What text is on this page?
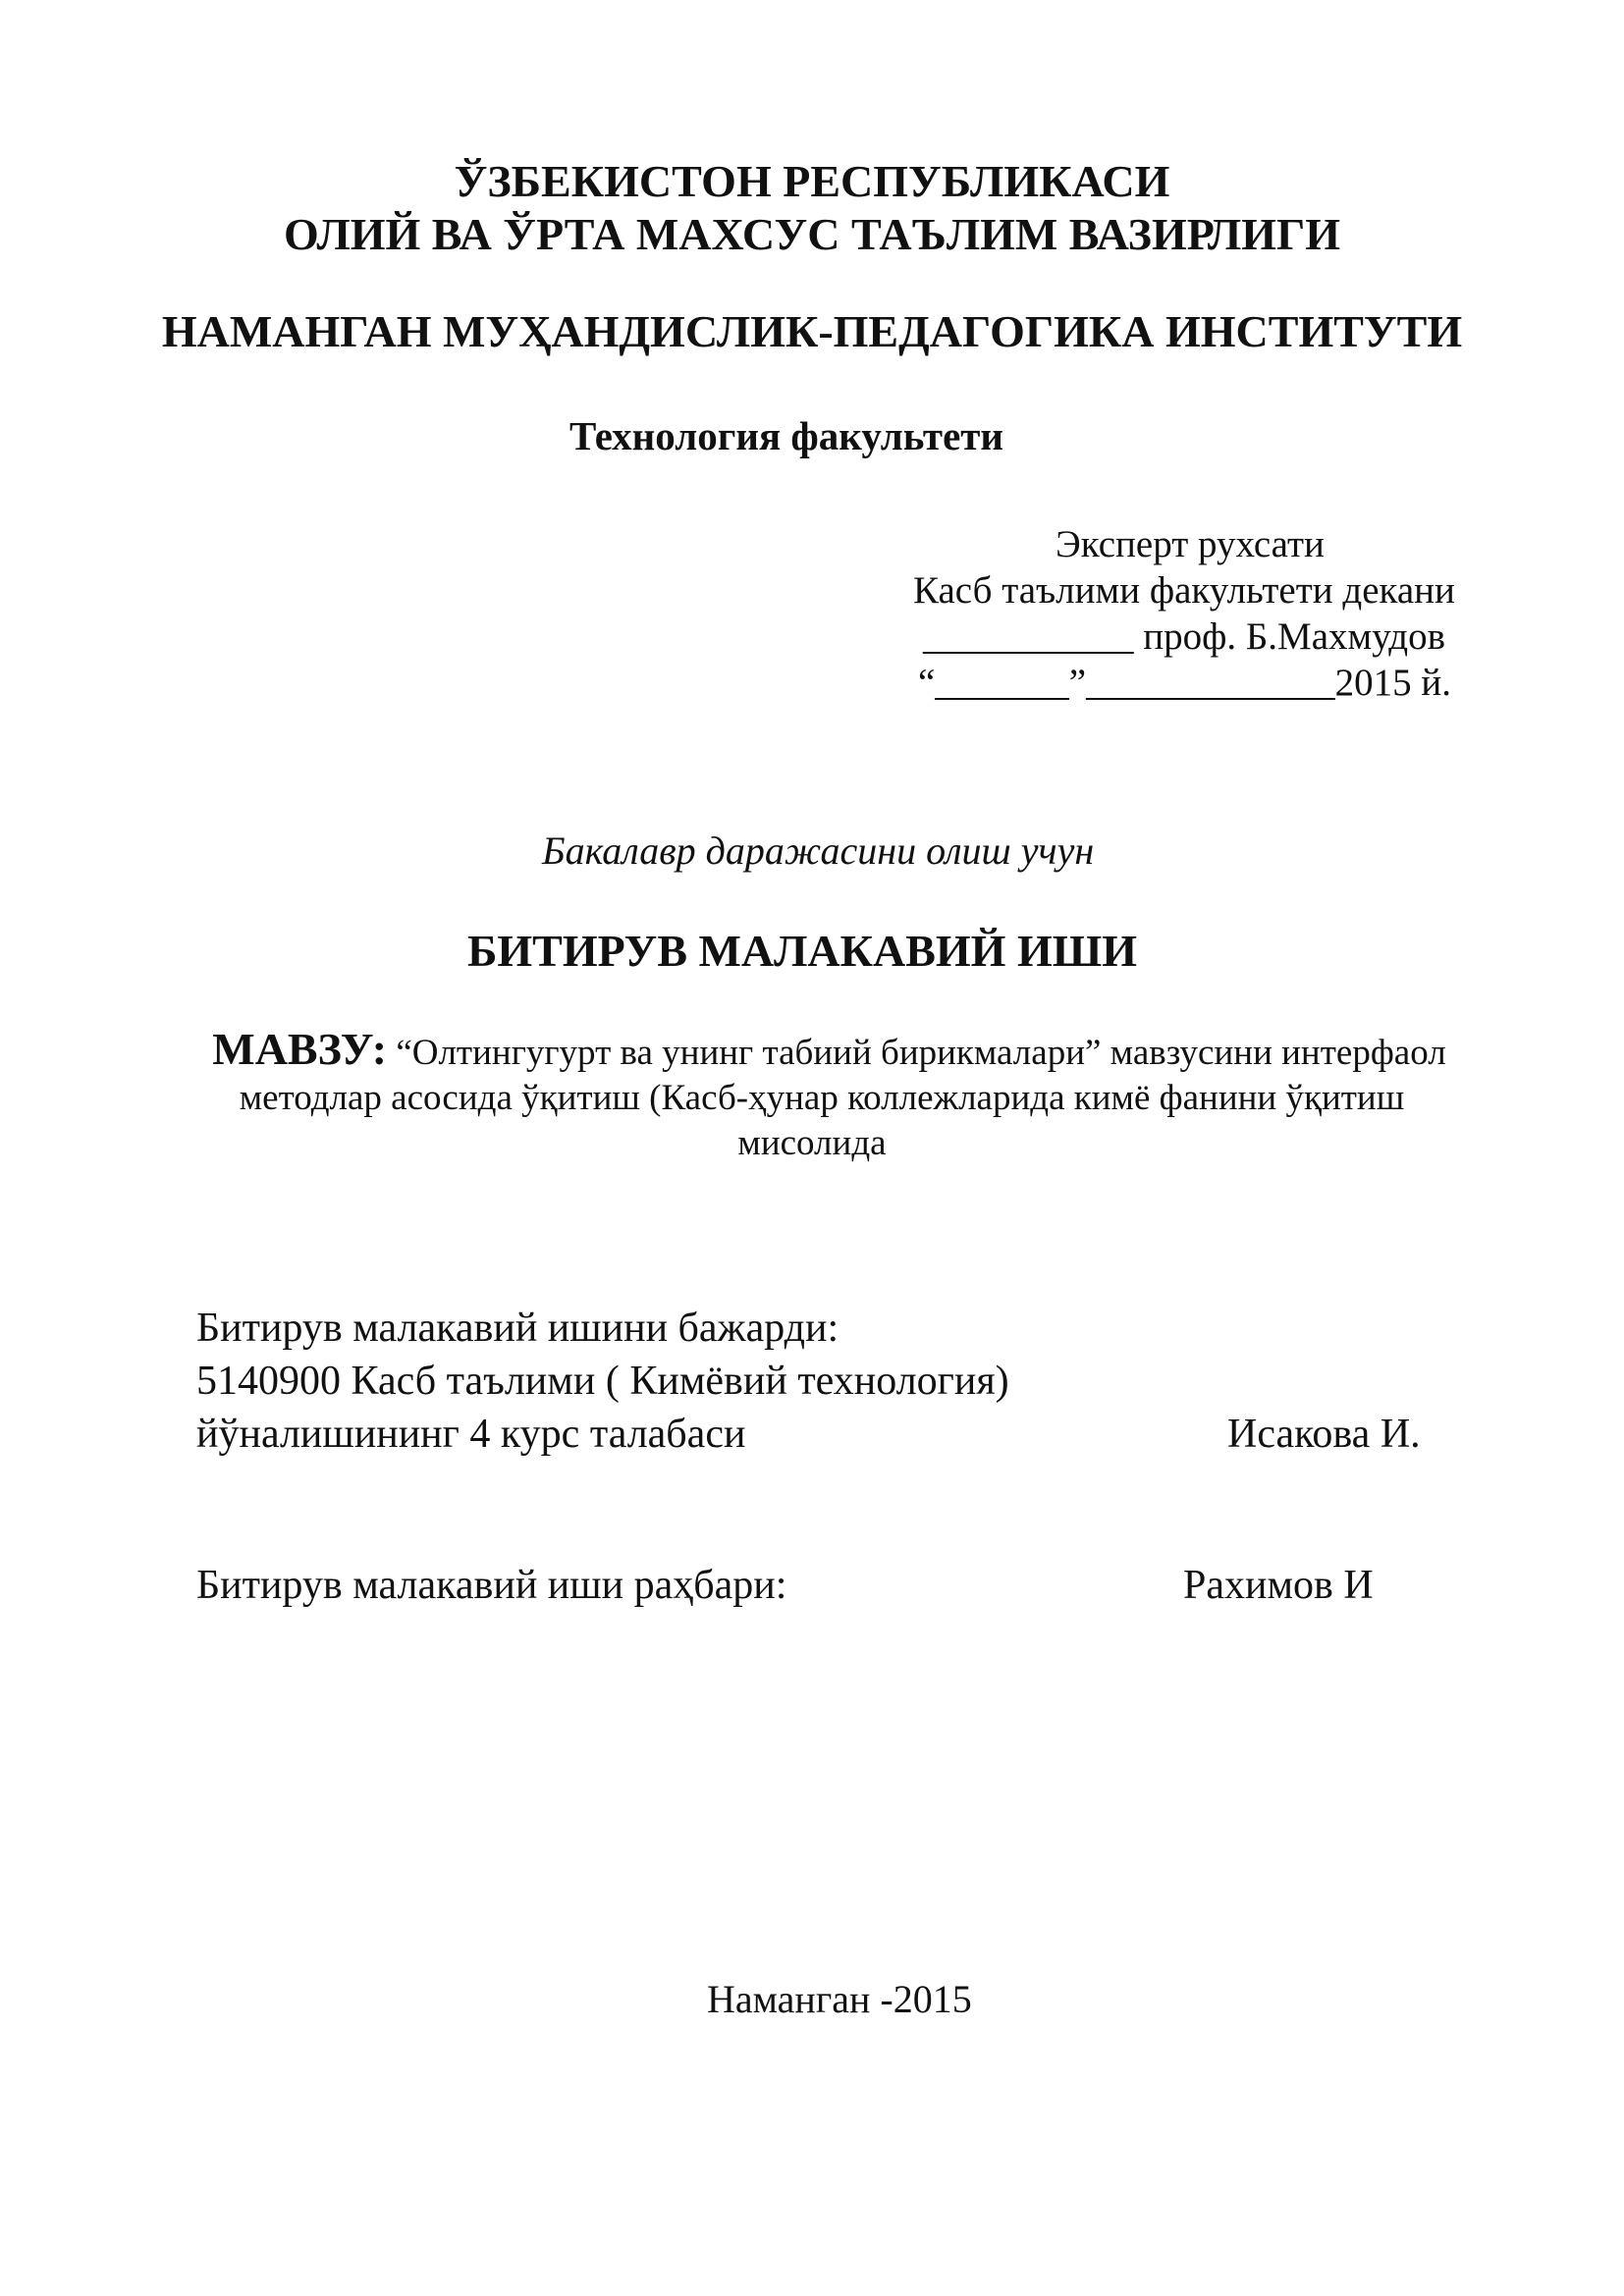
ЎЗБЕКИСТОН РЕСПУБЛИКАСИ
ОЛИЙ ВА ЎРТА МАХСУС ТАЪЛИМ ВАЗИРЛИГИ
НАМАНГАН МУҲАНДИСЛИК-ПЕДАГОГИКА ИНСТИТУТИ
Технология факультети
Эксперт рухсати
Касб таълими факультети декани
___________ проф. Б.Махмудов
“_______”_____________2015 й.
Бакалавр даражасини олиш учун
БИТИРУВ МАЛАКАВИЙ ИШИ
МАВЗУ: “Олтингугурт ва унинг табиий бирикмалари” мавзусини интерфаол
методлар асосида ўқитиш (Касб-ҳунар коллежларида кимё фанини ўқитиш
мисолида
Битирув малакавий ишини бажарди:
5140900 Касб таълими ( Кимёвий технология)
йўналишининг 4 курс талабаси	Исакова И.
Битирув малакавий иши раҳбари:	Рахимов И
Наманган -2015
